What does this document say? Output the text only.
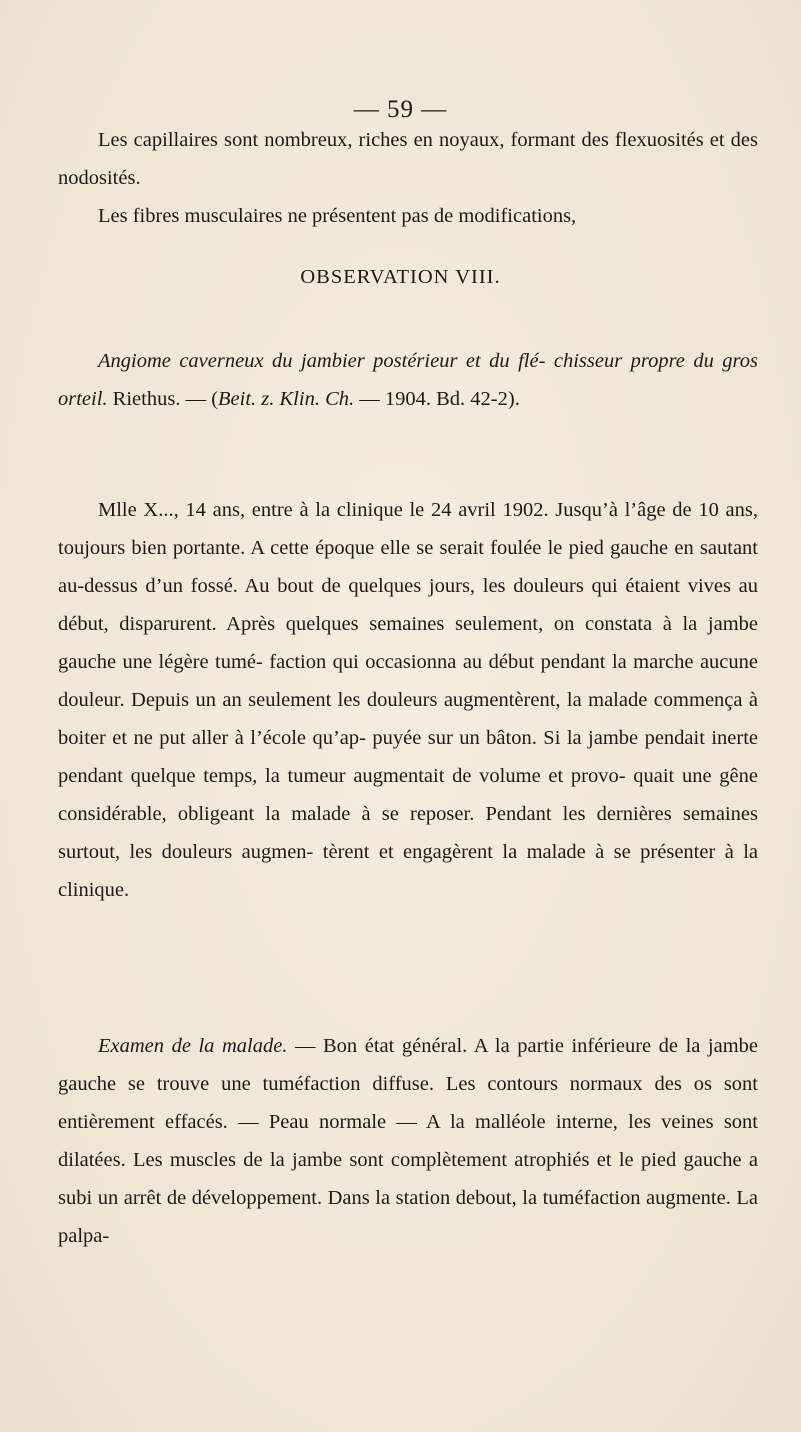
— 59 —

Les capillaires sont nombreux, riches en noyaux, formant des flexuosités et des nodosités.

Les fibres musculaires ne présentent pas de modifications,

OBSERVATION VIII.

Angiome caverneux du jambier postérieur et du flé- chisseur propre du gros orteil. Riethus. — (Beit. z. Klin. Ch. — 1904. Bd. 42-2).

Mlle X..., 14 ans, entre à la clinique le 24 avril 1902. Jusqu’à l’âge de 10 ans, toujours bien portante. A cette époque elle se serait foulée le pied gauche en sautant au-dessus d’un fossé. Au bout de quelques jours, les douleurs qui étaient vives au début, disparurent. Après quelques semaines seulement, on constata à la jambe gauche une légère tumé- faction qui occasionna au début pendant la marche aucune douleur. Depuis un an seulement les douleurs augmentèrent, la malade commença à boiter et ne put aller à l’école qu’ap- puyée sur un bâton. Si la jambe pendait inerte pendant quelque temps, la tumeur augmentait de volume et provo- quait une gêne considérable, obligeant la malade à se reposer. Pendant les dernières semaines surtout, les douleurs augmen- tèrent et engagèrent la malade à se présenter à la clinique.

Examen de la malade. — Bon état général. A la partie inférieure de la jambe gauche se trouve une tuméfaction diffuse. Les contours normaux des os sont entièrement effacés. — Peau normale — A la malléole interne, les veines sont dilatées. Les muscles de la jambe sont complètement atrophiés et le pied gauche a subi un arrêt de développement. Dans la station debout, la tuméfaction augmente. La palpa-
